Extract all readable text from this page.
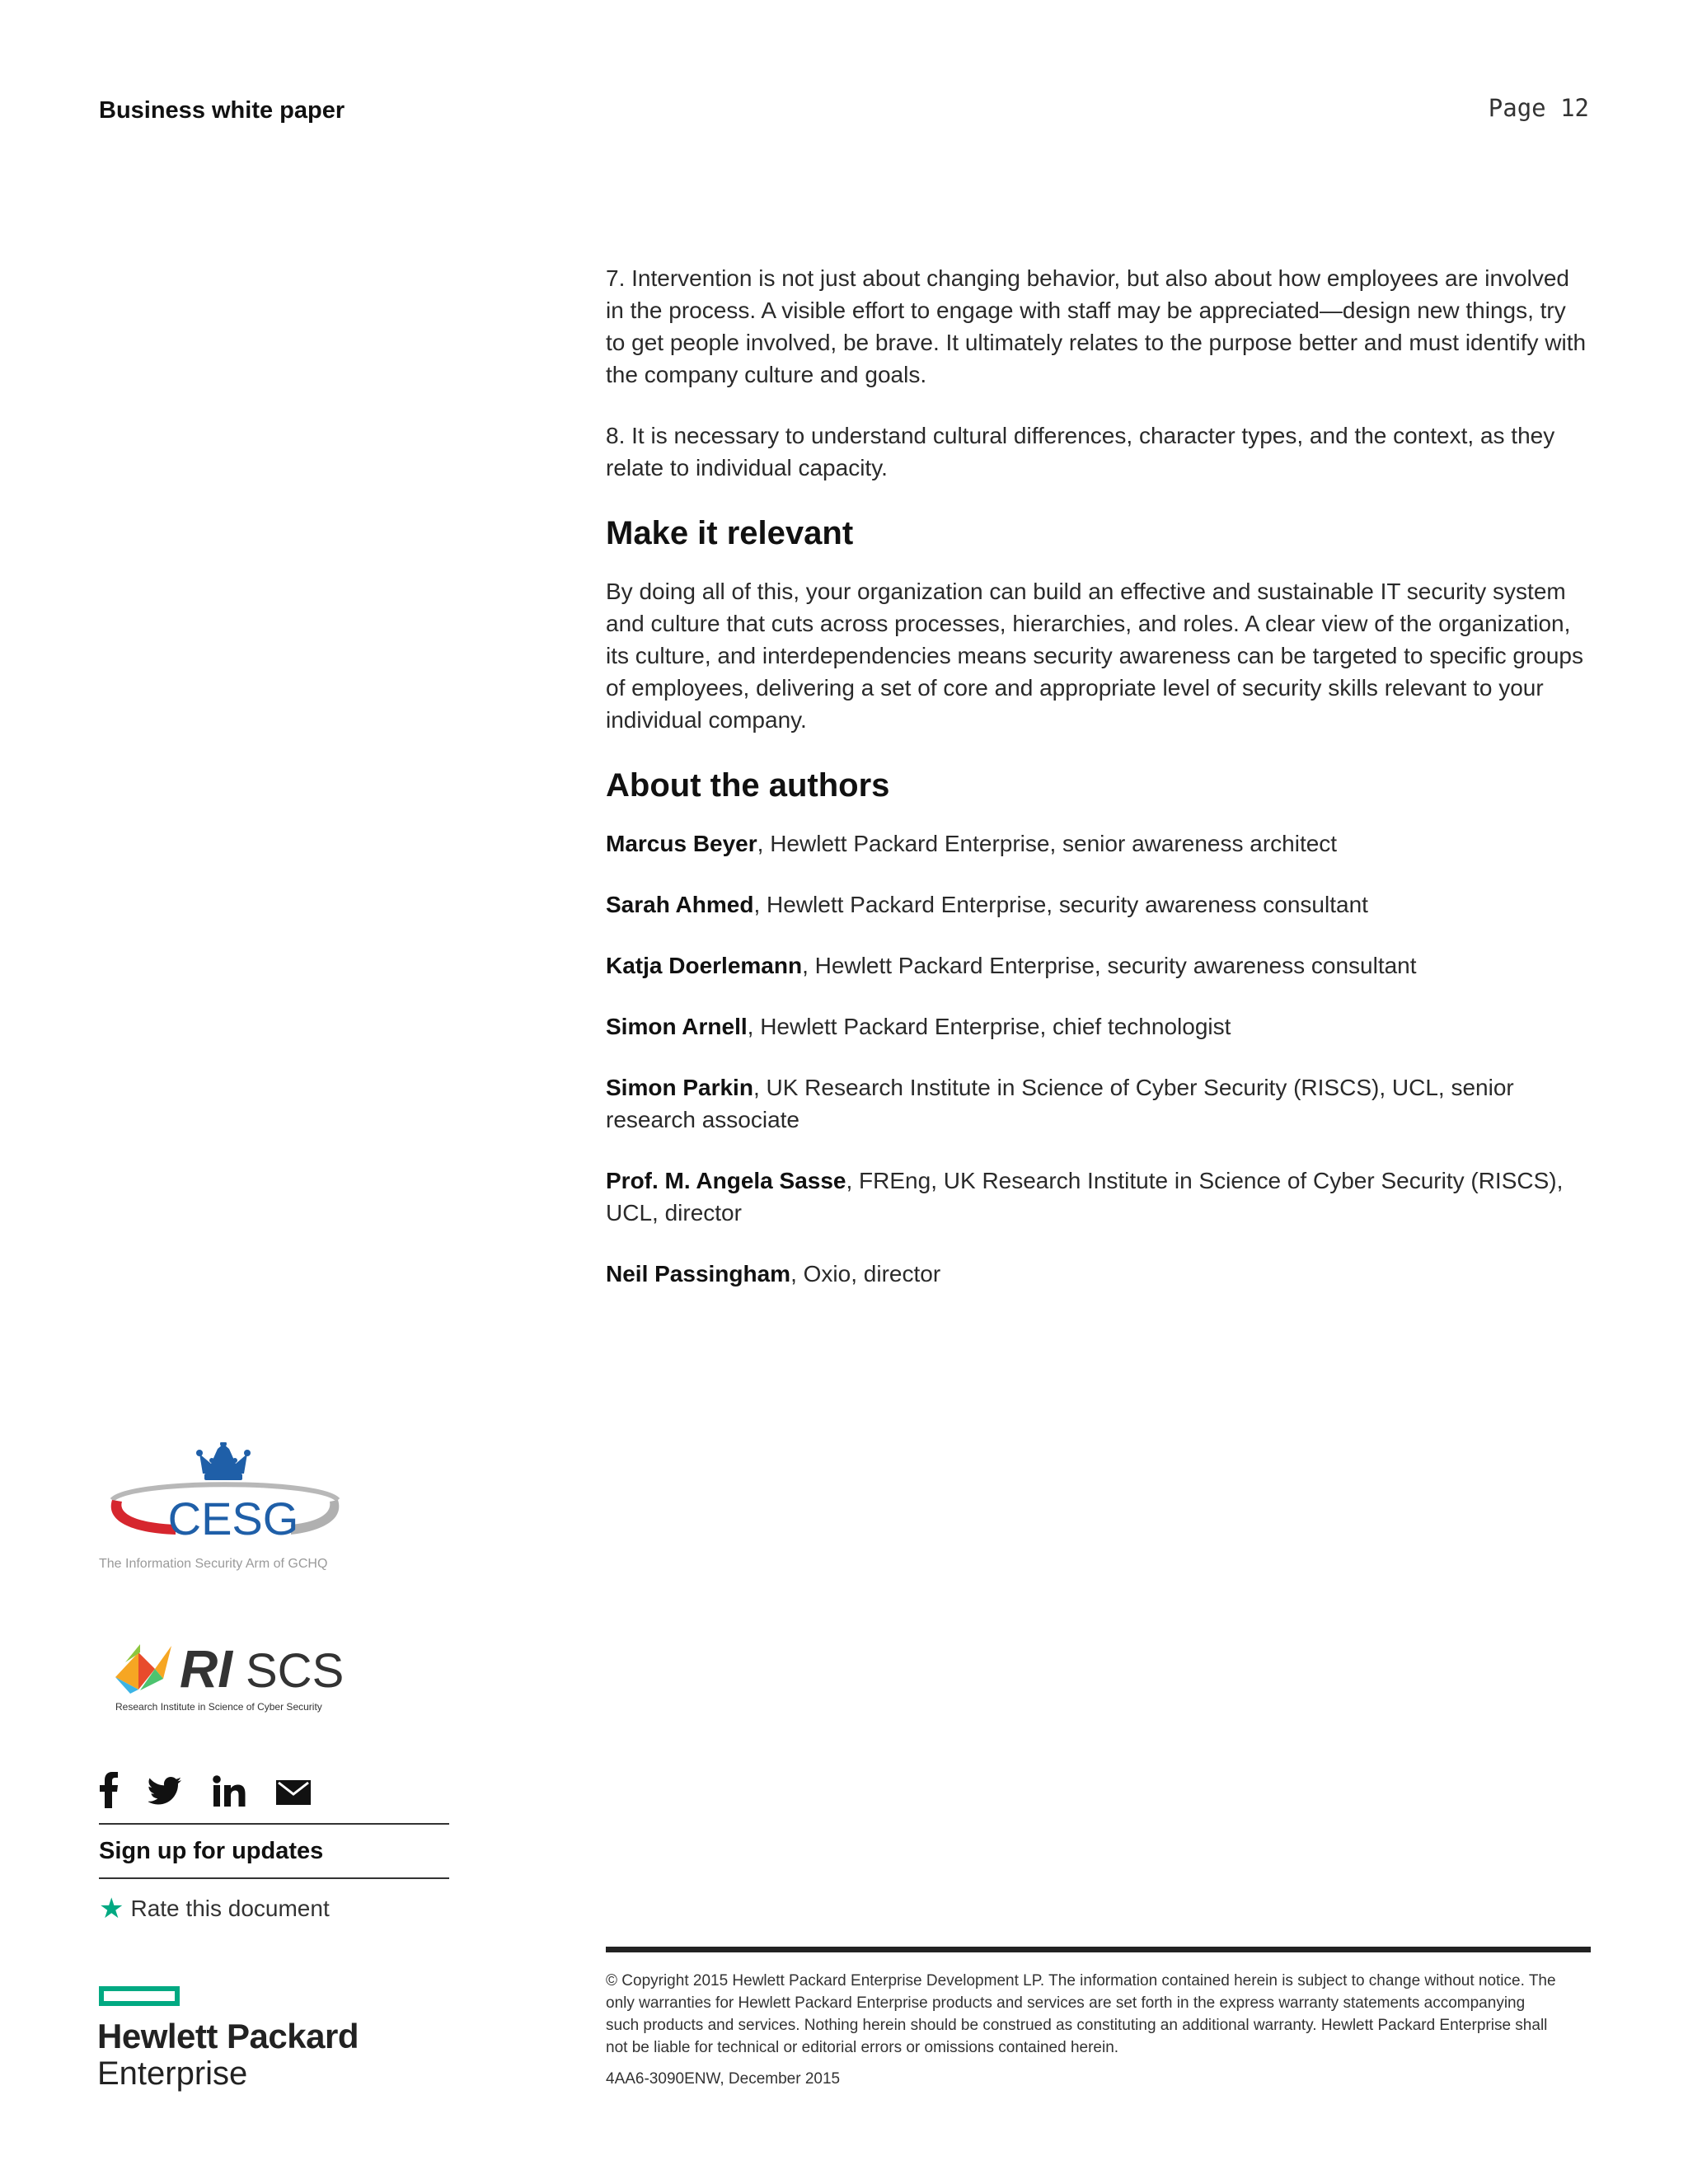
Business white paper	Page 12

7. Intervention is not just about changing behavior, but also about how employees are involved in the process. A visible effort to engage with staff may be appreciated—design new things, try to get people involved, be brave. It ultimately relates to the purpose better and must identify with the company culture and goals.

8. It is necessary to understand cultural differences, character types, and the context, as they relate to individual capacity.

Make it relevant

By doing all of this, your organization can build an effective and sustainable IT security system and culture that cuts across processes, hierarchies, and roles. A clear view of the organization, its culture, and interdependencies means security awareness can be targeted to specific groups of employees, delivering a set of core and appropriate level of security skills relevant to your individual company.

About the authors

Marcus Beyer, Hewlett Packard Enterprise, senior awareness architect

Sarah Ahmed, Hewlett Packard Enterprise, security awareness consultant

Katja Doerlemann, Hewlett Packard Enterprise, security awareness consultant

Simon Arnell, Hewlett Packard Enterprise, chief technologist

Simon Parkin, UK Research Institute in Science of Cyber Security (RISCS), UCL, senior research associate

Prof. M. Angela Sasse, FREng, UK Research Institute in Science of Cyber Security (RISCS), UCL, director

Neil Passingham, Oxio, director

CESG
The Information Security Arm of GCHQ
RI SCS
Research Institute in Science of Cyber Security
Sign up for updates
★ Rate this document
Hewlett Packard
Enterprise
© Copyright 2015 Hewlett Packard Enterprise Development LP. The information contained herein is subject to change without notice. The only warranties for Hewlett Packard Enterprise products and services are set forth in the express warranty statements accompanying such products and services. Nothing herein should be construed as constituting an additional warranty. Hewlett Packard Enterprise shall not be liable for technical or editorial errors or omissions contained herein.
4AA6-3090ENW, December 2015
